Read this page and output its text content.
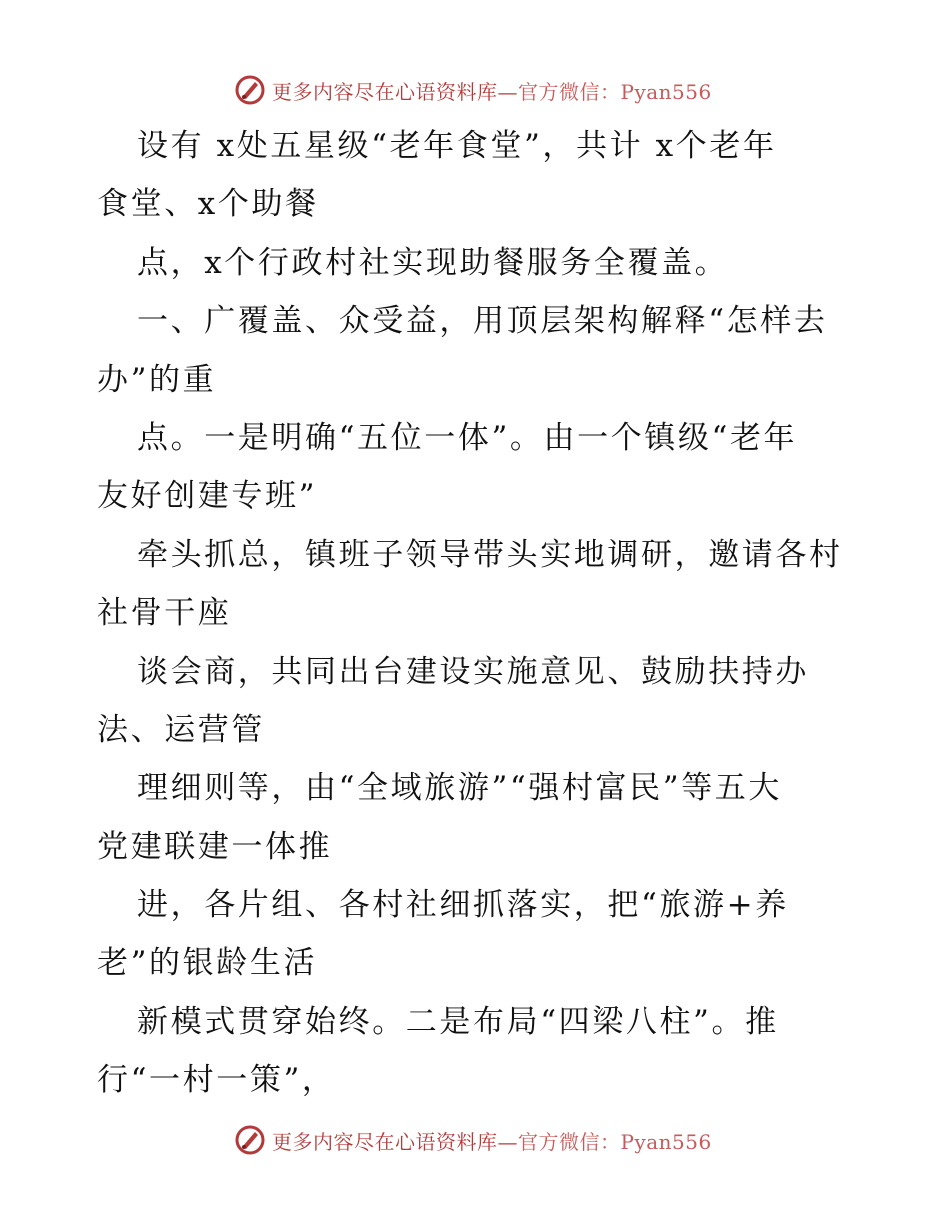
更多内容尽在心语资料库—官方微信：Pyan556
设有 x处五星级“老年食堂”，共计 x个老年
食堂、x个助餐
点，x个行政村社实现助餐服务全覆盖。
一、广覆盖、众受益，用顶层架构解释“怎样去
办”的重
点。一是明确“五位一体”。由一个镇级“老年
友好创建专班”
牵头抓总，镇班子领导带头实地调研，邀请各村
社骨干座
谈会商，共同出台建设实施意见、鼓励扶持办
法、运营管
理细则等，由“全域旅游”“强村富民”等五大
党建联建一体推
进，各片组、各村社细抓落实，把“旅游+养
老”的银龄生活
新模式贯穿始终。二是布局“四梁八柱”。推
行“一村一策”，
更多内容尽在心语资料库—官方微信：Pyan556
